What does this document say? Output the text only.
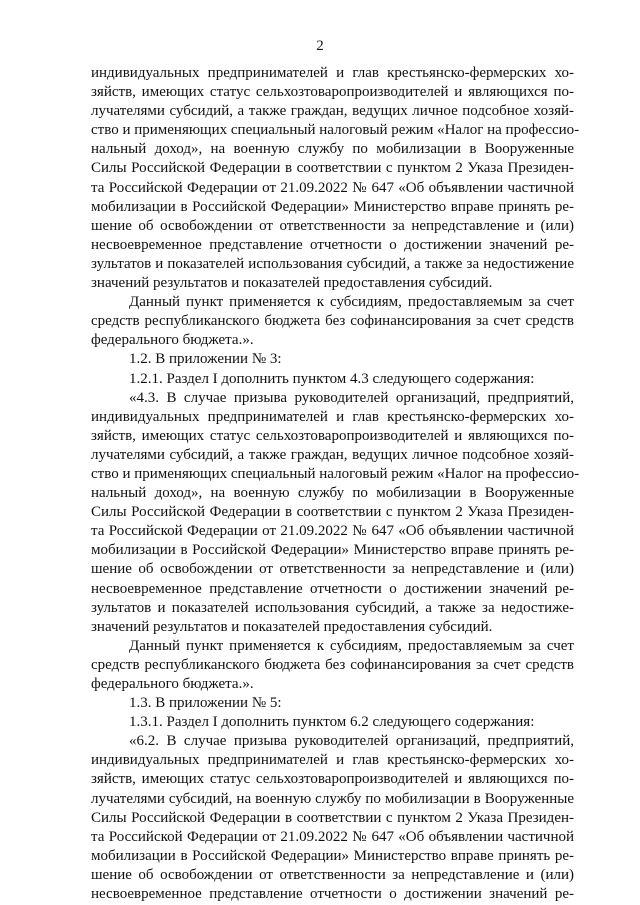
2
индивидуальных предпринимателей и глав крестьянско-фермерских хо-
зяйств, имеющих статус сельхозтоваропроизводителей и являющихся по-
лучателями субсидий, а также граждан, ведущих личное подсобное хозяй-
ство и применяющих специальный налоговый режим «Налог на профессио-
нальный доход», на военную службу по мобилизации в Вооруженные
Силы Российской Федерации в соответствии с пунктом 2 Указа Президен-
та Российской Федерации от 21.09.2022 № 647 «Об объявлении частичной
мобилизации в Российской Федерации» Министерство вправе принять ре-
шение об освобождении от ответственности за непредставление и (или)
несвоевременное представление отчетности о достижении значений ре-
зультатов и показателей использования субсидий, а также за недостижение
значений результатов и показателей предоставления субсидий.
Данный пункт применяется к субсидиям, предоставляемым за счет
средств республиканского бюджета без софинансирования за счет средств
федерального бюджета.».
1.2. В приложении № 3:
1.2.1. Раздел I дополнить пунктом 4.3 следующего содержания:
«4.3. В случае призыва руководителей организаций, предприятий,
индивидуальных предпринимателей и глав крестьянско-фермерских хо-
зяйств, имеющих статус сельхозтоваропроизводителей и являющихся по-
лучателями субсидий, а также граждан, ведущих личное подсобное хозяй-
ство и применяющих специальный налоговый режим «Налог на профессио-
нальный доход», на военную службу по мобилизации в Вооруженные
Силы Российской Федерации в соответствии с пунктом 2 Указа Президен-
та Российской Федерации от 21.09.2022 № 647 «Об объявлении частичной
мобилизации в Российской Федерации» Министерство вправе принять ре-
шение об освобождении от ответственности за непредставление и (или)
несвоевременное представление отчетности о достижении значений ре-
зультатов и показателей использования субсидий, а также за недостиже-
значений результатов и показателей предоставления субсидий.
Данный пункт применяется к субсидиям, предоставляемым за счет
средств республиканского бюджета без софинансирования за счет средств
федерального бюджета.».
1.3. В приложении № 5:
1.3.1. Раздел I дополнить пунктом 6.2 следующего содержания:
«6.2. В случае призыва руководителей организаций, предприятий,
индивидуальных предпринимателей и глав крестьянско-фермерских хо-
зяйств, имеющих статус сельхозтоваропроизводителей и являющихся по-
лучателями субсидий, на военную службу по мобилизации в Вооруженные
Силы Российской Федерации в соответствии с пунктом 2 Указа Президен-
та Российской Федерации от 21.09.2022 № 647 «Об объявлении частичной
мобилизации в Российской Федерации» Министерство вправе принять ре-
шение об освобождении от ответственности за непредставление и (или)
несвоевременное представление отчетности о достижении значений ре-
